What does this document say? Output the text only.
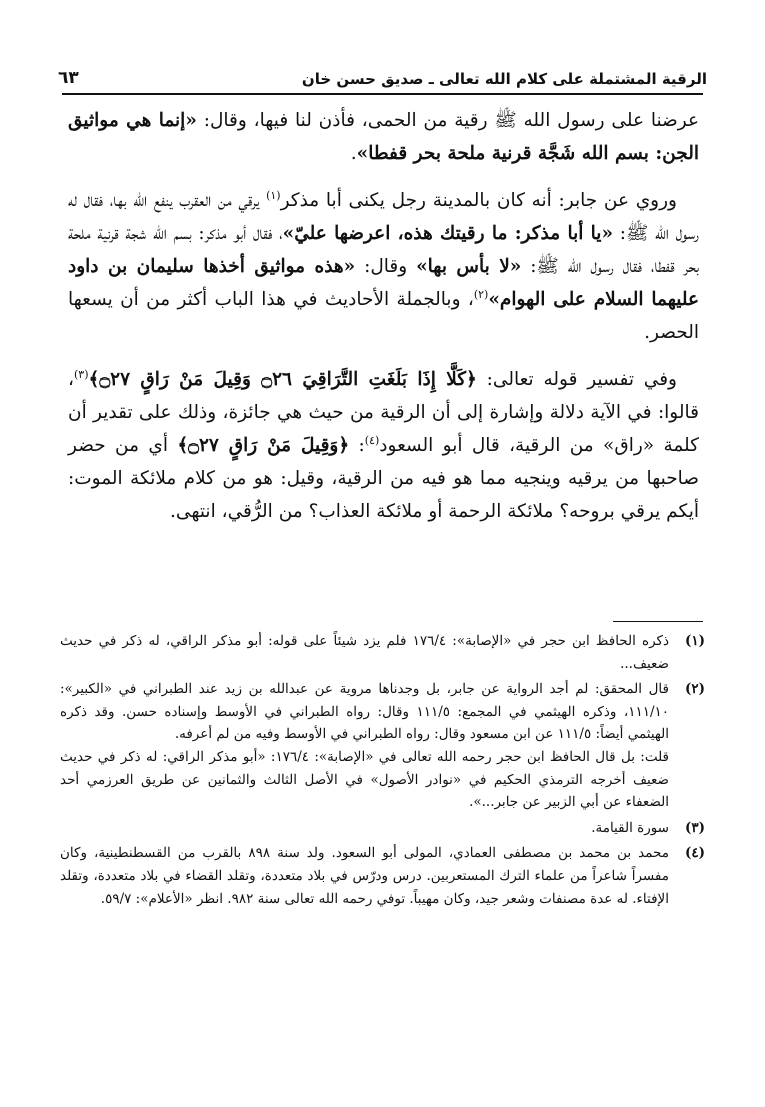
الرقية المشتملة على كلام الله تعالى ـ صديق حسن خان
٦٣

عرضنا على رسول الله ﷺ رقية من الحمى، فأذن لنا فيها، وقال: «إنما هي مواثيق الجن: بسم الله شَجَّة قرنية ملحة بحر قفطا».

وروي عن جابر: أنه كان بالمدينة رجل يكنى أبا مذكر$^{(١)}$ يرقي من العقرب ينفع الله بها، فقال له رسول الله ﷺ: «يا أبا مذكر: ما رقيتك هذه، اعرضها عليّ»، فقال أبو مذكر: بسم الله شجة قرنية ملحة بحر قفطا، فقال رسول الله ﷺ: «لا بأس بها» وقال: «هذه مواثيق أخذها سليمان بن داود عليهما السلام على الهوام»$^{(٢)}$، وبالجملة الأحاديث في هذا الباب أكثر من أن يسعها الحصر.

وفي تفسير قوله تعالى: ﴿كَلَّا إِذَا بَلَغَتِ التَّرَاقِيَ ۝٢٦ وَقِيلَ مَنْ رَاقٍ ۝٢٧﴾$^{(٣)}$، قالوا: في الآية دلالة وإشارة إلى أن الرقية من حيث هي جائزة، وذلك على تقدير أن كلمة «راق» من الرقية، قال أبو السعود$^{(٤)}$: ﴿وَقِيلَ مَنْ رَاقٍ ۝٢٧﴾ أي من حضر صاحبها من يرقيه وينجيه مما هو فيه من الرقية، وقيل: هو من كلام ملائكة الموت: أيكم يرقي بروحه؟ ملائكة الرحمة أو ملائكة العذاب؟ من الرُّقي، انتهى.

(١)

ذكره الحافظ ابن حجر في «الإصابة»: ١٧٦/٤ فلم يزد شيئاً على قوله: أبو مذكر الراقي، له ذكر في حديث ضعيف...

(٢)

قال المحقق: لم أجد الرواية عن جابر، بل وجدناها مروية عن عبدالله بن زيد عند الطبراني في «الكبير»: ١١١/١٠، وذكره الهيثمي في المجمع: ١١١/٥ وقال: رواه الطبراني في الأوسط وإسناده حسن. وقد ذكره الهيثمي أيضاً: ١١١/٥ عن ابن مسعود وقال: رواه الطبراني في الأوسط وفيه من لم أعرفه.

قلت: بل قال الحافظ ابن حجر رحمه الله تعالى في «الإصابة»: ١٧٦/٤: «أبو مذكر الراقي: له ذكر في حديث ضعيف أخرجه الترمذي الحكيم في «نوادر الأصول» في الأصل الثالث والثمانين عن طريق العرزمي أحد الضعفاء عن أبي الزبير عن جابر...».

(٣)

سورة القيامة.

(٤)

محمد بن محمد بن مصطفى العمادي، المولى أبو السعود. ولد سنة ٨٩٨ بالقرب من القسطنطينية، وكان مفسراً شاعراً من علماء الترك المستعربين. درس ودرّس في بلاد متعددة، وتقلد القضاء في بلاد متعددة، وتقلد الإفتاء. له عدة مصنفات وشعر جيد، وكان مهيباً. توفي رحمه الله تعالى سنة ٩٨٢. انظر «الأعلام»: ٥٩/٧.
